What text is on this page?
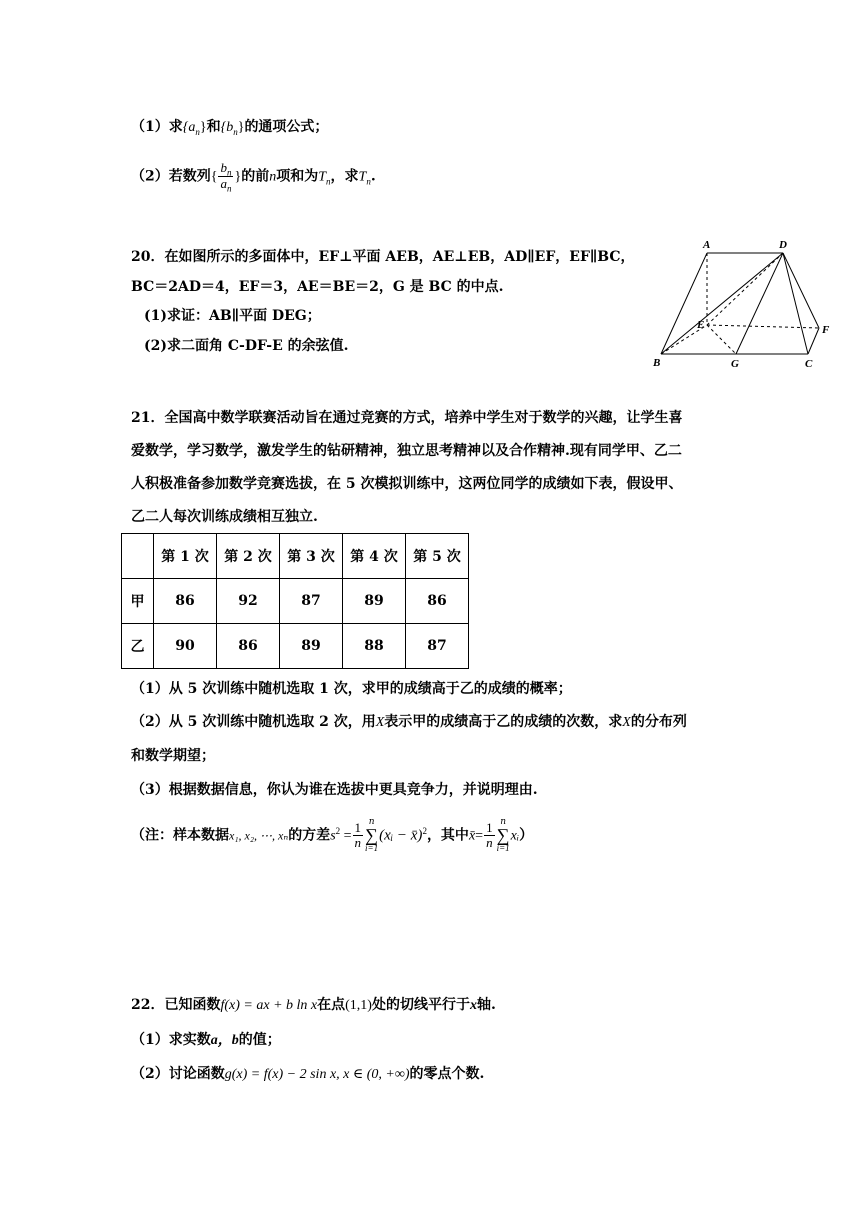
（1）求$\{a_n\}$和$\{b_n\}$的通项公式；
（2）若数列{ $\frac{b_n}{a_n}$ }的前n项和为$T_n$，求$T_n$.
20．在如图所示的多面体中，EF⊥平面 AEB，AE⊥EB，AD∥EF，EF∥BC，
BC＝2AD＝4，EF＝3，AE＝BE＝2，G 是 BC 的中点.
(1)求证：AB∥平面 DEG；
(2)求二面角 C-DF-E 的余弦值.
A	D
E	F
B	G	C
21．全国高中数学联赛活动旨在通过竞赛的方式，培养中学生对于数学的兴趣，让学生喜
爱数学，学习数学，激发学生的钻研精神，独立思考精神以及合作精神.现有同学甲、乙二
人积极准备参加数学竞赛选拔，在 5 次模拟训练中，这两位同学的成绩如下表，假设甲、
乙二人每次训练成绩相互独立.
	第 1 次	第 2 次	第 3 次	第 4 次	第 5 次
甲	86	92	87	89	86
乙	90	86	89	88	87
（1）从 5 次训练中随机选取 1 次，求甲的成绩高于乙的成绩的概率；
（2）从 5 次训练中随机选取 2 次，用X表示甲的成绩高于乙的成绩的次数，求X的分布列
和数学期望；
（3）根据数据信息，你认为谁在选拔中更具竞争力，并说明理由.
（注：样本数据x₁, x₂, ⋯, xₙ的方差$s^2 = \frac{1}{n}$ n
∑
i=1
(xᵢ − x̄)$^2$，其中x̄= $\frac{1}{n}$ n
∑
i=1
xᵢ）
22．已知函数f(x) = ax + b ln x在点(1,1)处的切线平行于x轴.
（1）求实数a，b的值；
（2）讨论函数g(x) = f(x) − 2 sin x, x ∈ (0, +∞)的零点个数.
